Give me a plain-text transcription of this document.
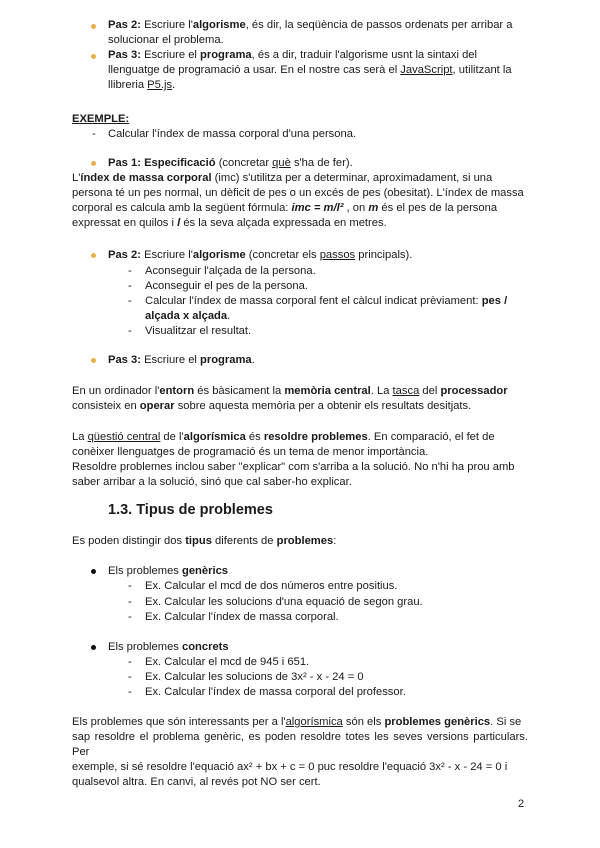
Pas 2: Escriure l'algorisme, és dir, la seqüència de passos ordenats per arribar a
solucionar el problema.
Pas 3: Escriure el programa, és a dir, traduir l'algorisme usnt la sintaxi del
llenguatge de programació a usar. En el nostre cas serà el JavaScript, utilitzant la
llibreria P5.js.
EXEMPLE:
- Calcular l'índex de massa corporal d'una persona.
Pas 1: Especificació (concretar què s'ha de fer).
L'índex de massa corporal (imc) s'utilitza per a determinar, aproximadament, si una
persona té un pes normal, un dèficit de pes o un excés de pes (obesitat). L'índex de massa
corporal es calcula amb la següent fórmula: imc = m/l² , on m és el pes de la persona
expressat en quilos i l és la seva alçada expressada en metres.
Pas 2: Escriure l'algorisme (concretar els passos principals).
- Aconseguir l'alçada de la persona.
- Aconseguir el pes de la persona.
- Calcular l'índex de massa corporal fent el càlcul indicat prèviament: pes /
alçada x alçada.
- Visualitzar el resultat.
Pas 3: Escriure el programa.
En un ordinador l'entorn és bàsicament la memòria central. La tasca del processador
consisteix en operar sobre aquesta memòria per a obtenir els resultats desitjats.
La qüestió central de l'algorísmica és resoldre problemes. En comparació, el fet de
conèixer llenguatges de programació és un tema de menor importància.
Resoldre problemes inclou saber "explicar" com s'arriba a la solució. No n'hi ha prou amb
saber arribar a la solució, sinó que cal saber-ho explicar.
1.3. Tipus de problemes
Es poden distingir dos tipus diferents de problemes:
Els problemes genèrics
- Ex. Calcular el mcd de dos números entre positius.
- Ex. Calcular les solucions d'una equació de segon grau.
- Ex. Calcular l'índex de massa corporal.
Els problemes concrets
- Ex. Calcular el mcd de 945 i 651.
- Ex. Calcular les solucions de 3x² - x - 24 = 0
- Ex. Calcular l'índex de massa corporal del professor.
Els problemes que són interessants per a l'algorísmica són els problemes genèrics. Si se
sap resoldre el problema genèric, es poden resoldre totes les seves versions particulars. Per
exemple, si sé resoldre l'equació ax² + bx + c = 0 puc resoldre l'equació 3x² - x - 24 = 0 i
qualsevol altra. En canvi, al revés pot NO ser cert.
2
